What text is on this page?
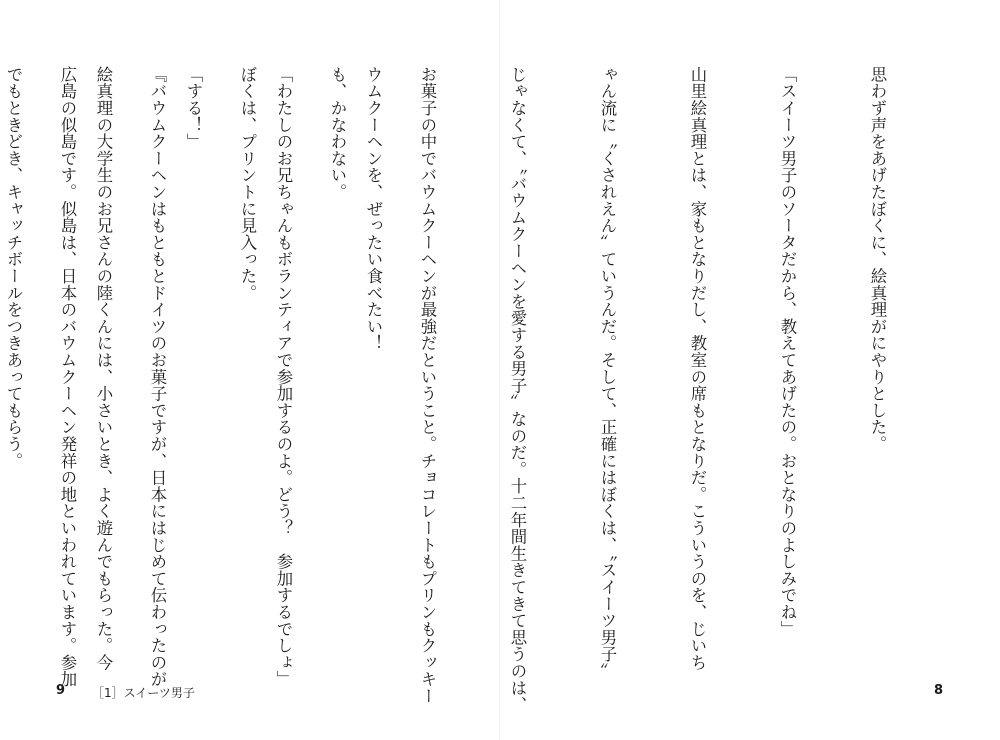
ウムクーヘンを、ぜったい食べたい！

「わたしのお兄ちゃんもボランティアで参加するのよ。どう？　参加するでしょ」

「する！」

絵真理の大学生のお兄さんの陸くんには、小さいとき、よく遊んでもらった。今

でもときどき、キャッチボールをつきあってもらう。

9 ［1］スイーツ男子

思わず声をあげたぼくに、絵真理がにやりとした。

「スイーツ男子のソータだから、教えてあげたの。おとなりのよしみでね」

山里絵真理とは、家もとなりだし、教室の席もとなりだ。こういうのを、じいち

ゃん流に〝くされえん〟ていうんだ。そして、正確にはぼくは、〝スイーツ男子〟

じゃなくて、〝バウムクーヘンを愛する男子〟なのだ。十二年間生きてきて思うのは、

お菓子の中でバウムクーヘンが最強だということ。チョコレートもプリンもクッキー

も、かなわない。

ぼくは、プリントに見入った。

『バウムクーヘンはもともとドイツのお菓子ですが、日本にはじめて伝わったのが

広島の似島です。似島は、日本のバウムクーヘン発祥の地といわれています。参加

8
